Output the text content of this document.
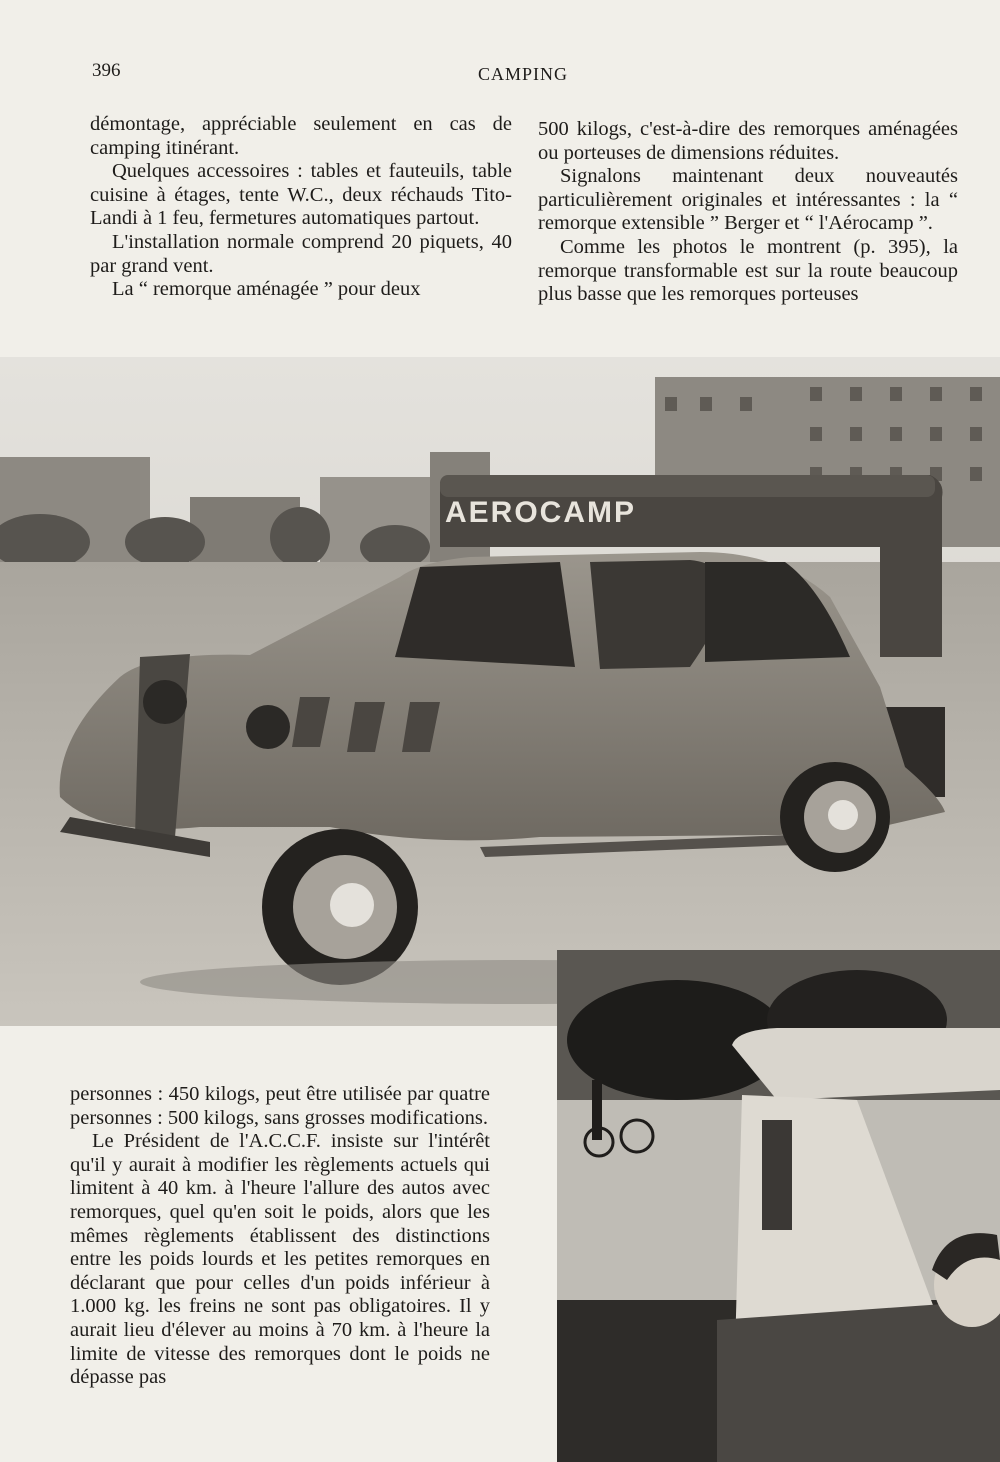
396	CAMPING

démontage, appréciable seulement en cas de camping itinérant.

Quelques accessoires : tables et fauteuils, table cuisine à étages, tente W.C., deux réchauds Tito-Landi à 1 feu, fermetures automatiques partout.

L'installation normale comprend 20 piquets, 40 par grand vent.

La “ remorque aménagée ” pour deux

500 kilogs, c'est-à-dire des remorques aménagées ou porteuses de dimensions réduites.

Signalons maintenant deux nouveautés particulièrement originales et intéressantes : la “ remorque extensible ” Berger et “ l'Aérocamp ”.

Comme les photos le montrent (p. 395), la remorque transformable est sur la route beaucoup plus basse que les remorques porteuses

AEROCAMP

personnes : 450 kilogs, peut être utilisée par quatre personnes : 500 kilogs, sans grosses modifications.

Le Président de l'A.C.C.F. insiste sur l'intérêt qu'il y aurait à modifier les règlements actuels qui limitent à 40 km. à l'heure l'allure des autos avec remorques, quel qu'en soit le poids, alors que les mêmes règlements établissent des distinctions entre les poids lourds et les petites remorques en déclarant que pour celles d'un poids inférieur à 1.000 kg. les freins ne sont pas obligatoires. Il y aurait lieu d'élever au moins à 70 km. à l'heure la limite de vitesse des remorques dont le poids ne dépasse pas
